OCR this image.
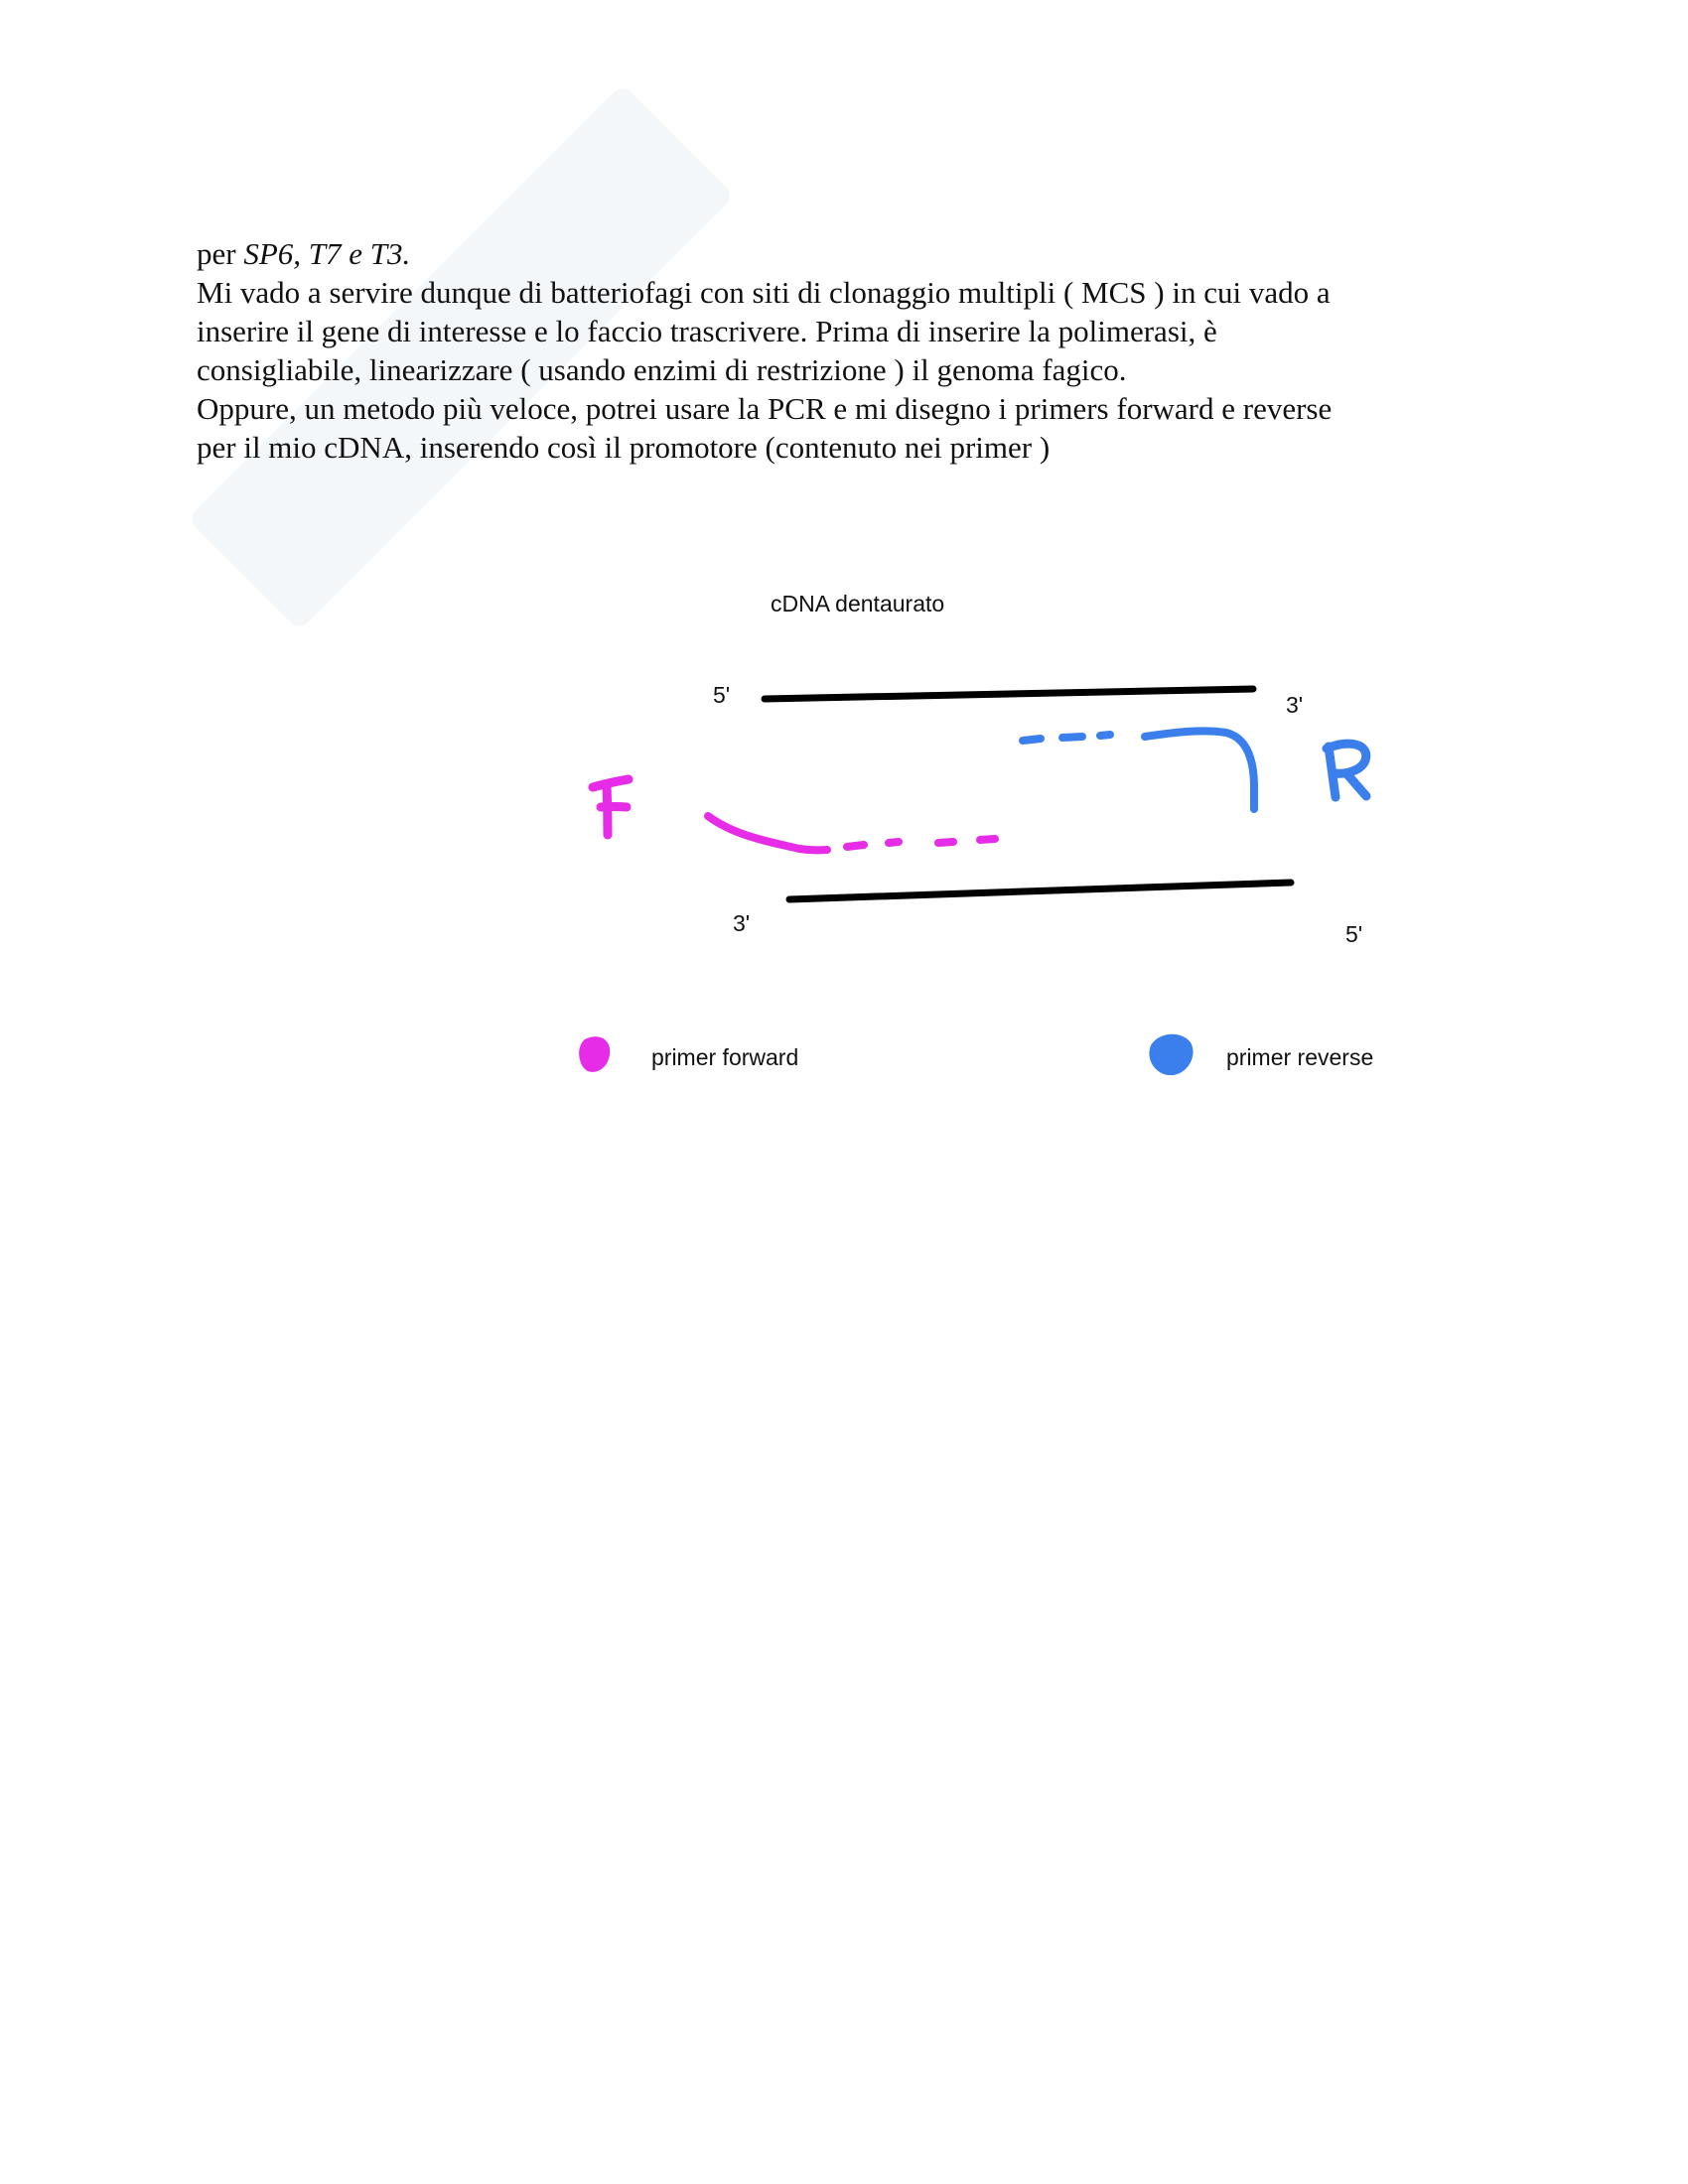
per SP6, T7 e T3.

Mi vado a servire dunque di batteriofagi con siti di clonaggio multipli ( MCS ) in cui vado a

inserire il gene di interesse e lo faccio trascrivere. Prima di inserire la polimerasi, è

consigliabile, linearizzare ( usando enzimi di restrizione ) il genoma fagico.

Oppure, un metodo più veloce, potrei usare la PCR e mi disegno i primers forward e reverse

per il mio cDNA, inserendo così il promotore (contenuto nei primer )

cDNA dentaurato
5'	3'
3'	5'
primer forward	primer reverse
